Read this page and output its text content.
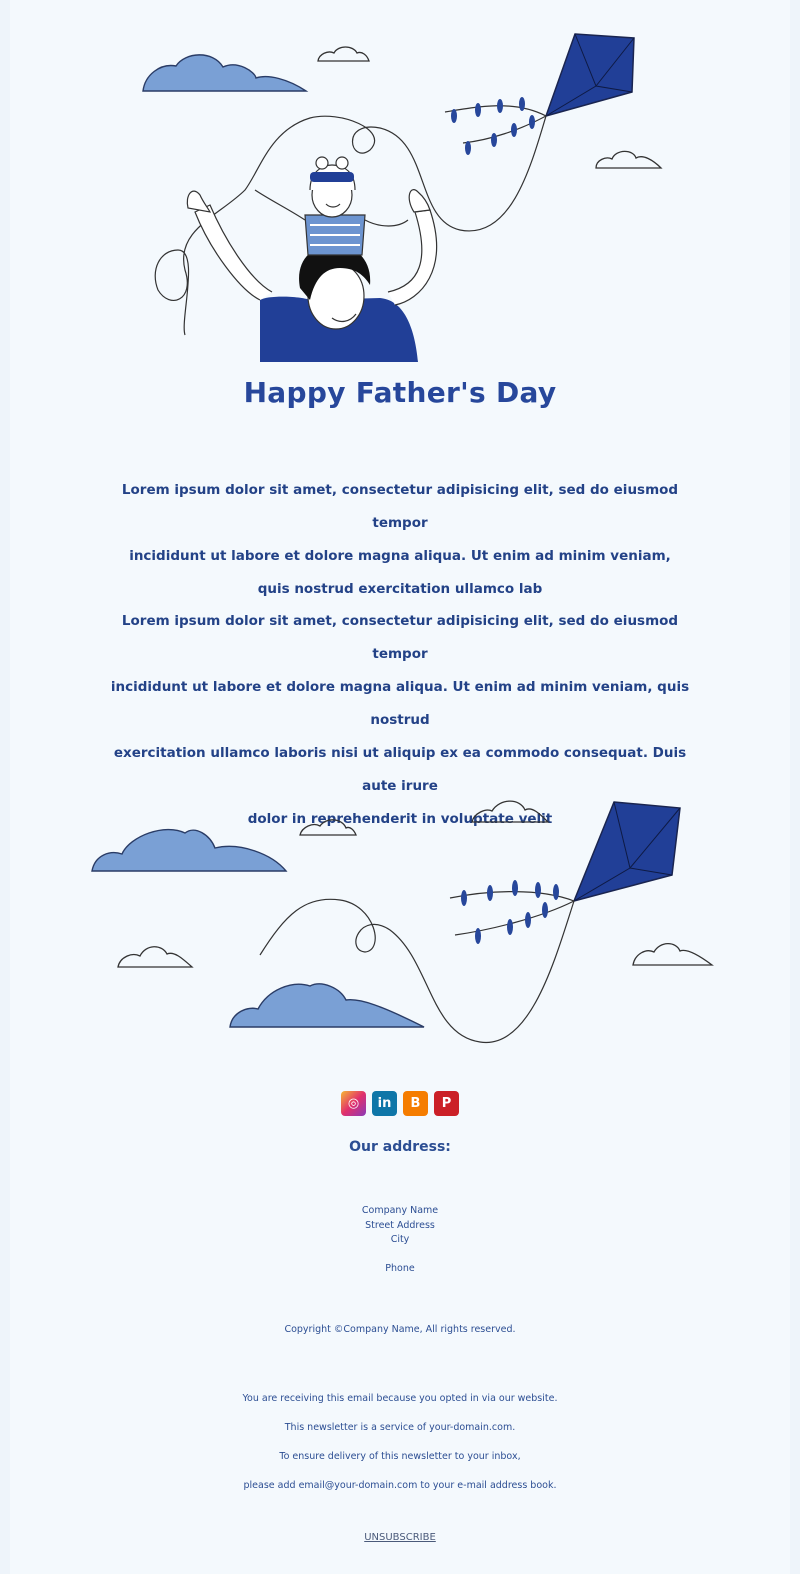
Happy Father's Day
Lorem ipsum dolor sit amet, consectetur adipisicing elit, sed do eiusmod tempor
incididunt ut labore et dolore magna aliqua. Ut enim ad minim veniam,
quis nostrud exercitation ullamco lab
Lorem ipsum dolor sit amet, consectetur adipisicing elit, sed do eiusmod tempor
incididunt ut labore et dolore magna aliqua. Ut enim ad minim veniam, quis nostrud
exercitation ullamco laboris nisi ut aliquip ex ea commodo consequat. Duis aute irure
dolor in reprehenderit in voluptate velit
◎	in	B	P
Our address:
Company Name
Street Address
City
Phone
Copyright ©Company Name, All rights reserved.
You are receiving this email because you opted in via our website.
This newsletter is a service of your-domain.com.
To ensure delivery of this newsletter to your inbox,
please add email@your-domain.com to your e-mail address book.
UNSUBSCRIBE
